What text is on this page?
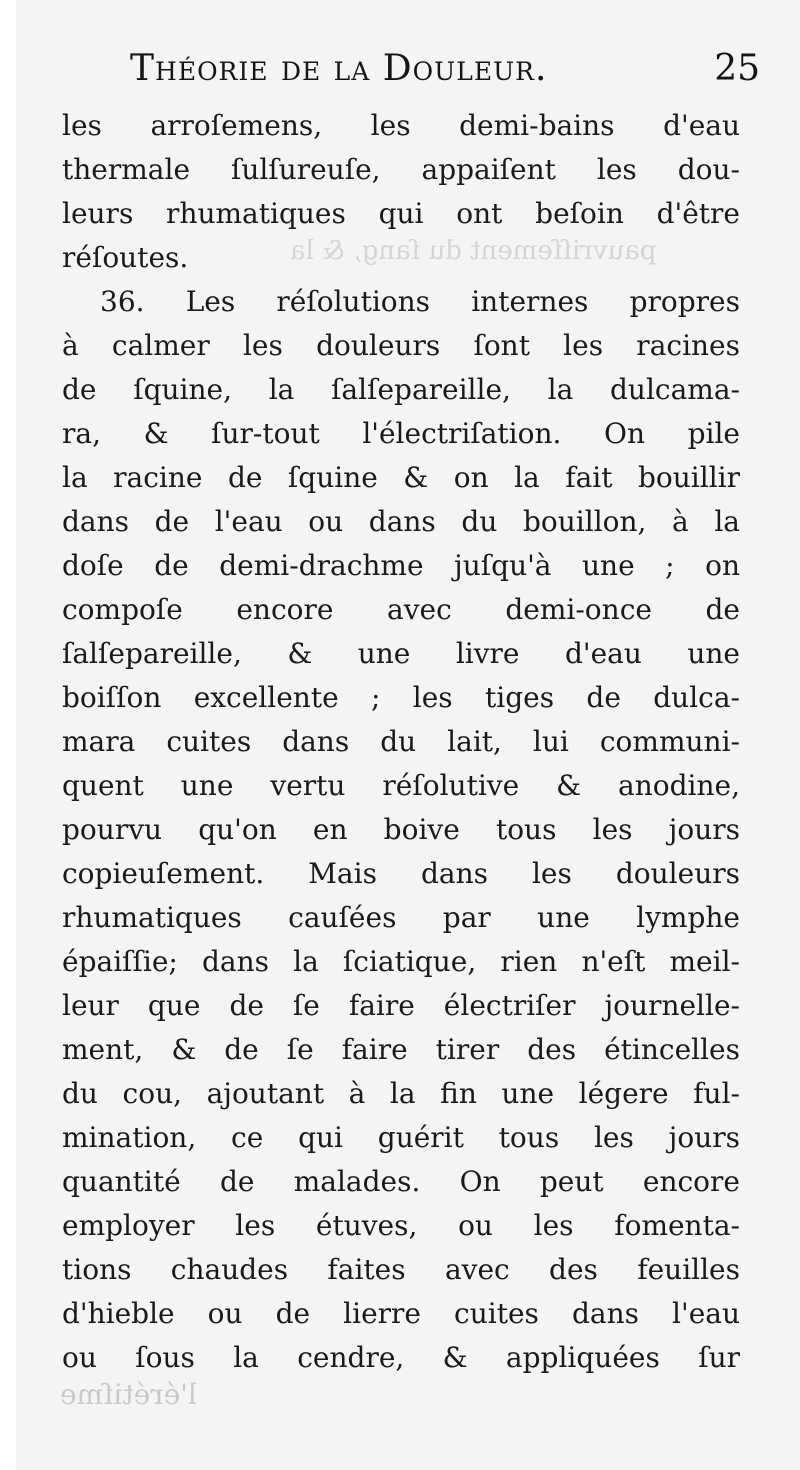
pauvriſſement du ſang, & la
Théorie de la Douleur.	25
les arroſemens, les demi-bains d'eau
thermale ſulſureuſe, appaiſent les dou-
leurs rhumatiques qui ont beſoin d'être
réſoutes.
36. Les réſolutions internes propres
à calmer les douleurs ſont les racines
de ſquine, la ſalſepareille, la dulcama-
ra, & ſur-tout l'électriſation. On pile
la racine de ſquine & on la fait bouillir
dans de l'eau ou dans du bouillon, à la
doſe de demi-drachme juſqu'à une ; on
compoſe encore avec demi-once de
ſalſepareille, & une livre d'eau une
boiſſon excellente ; les tiges de dulca-
mara cuites dans du lait, lui communi-
quent une vertu réſolutive & anodine,
pourvu qu'on en boive tous les jours
copieuſement. Mais dans les douleurs
rhumatiques cauſées par une lymphe
épaiſſie; dans la ſciatique, rien n'eſt meil-
leur que de ſe faire électriſer journelle-
ment, & de ſe faire tirer des étincelles
du cou, ajoutant à la fin une légere ful-
mination, ce qui guérit tous les jours
quantité de malades. On peut encore
employer les étuves, ou les fomenta-
tions chaudes faites avec des feuilles
d'hieble ou de lierre cuites dans l'eau
ou ſous la cendre, & appliquées ſur
l'érétiſme
